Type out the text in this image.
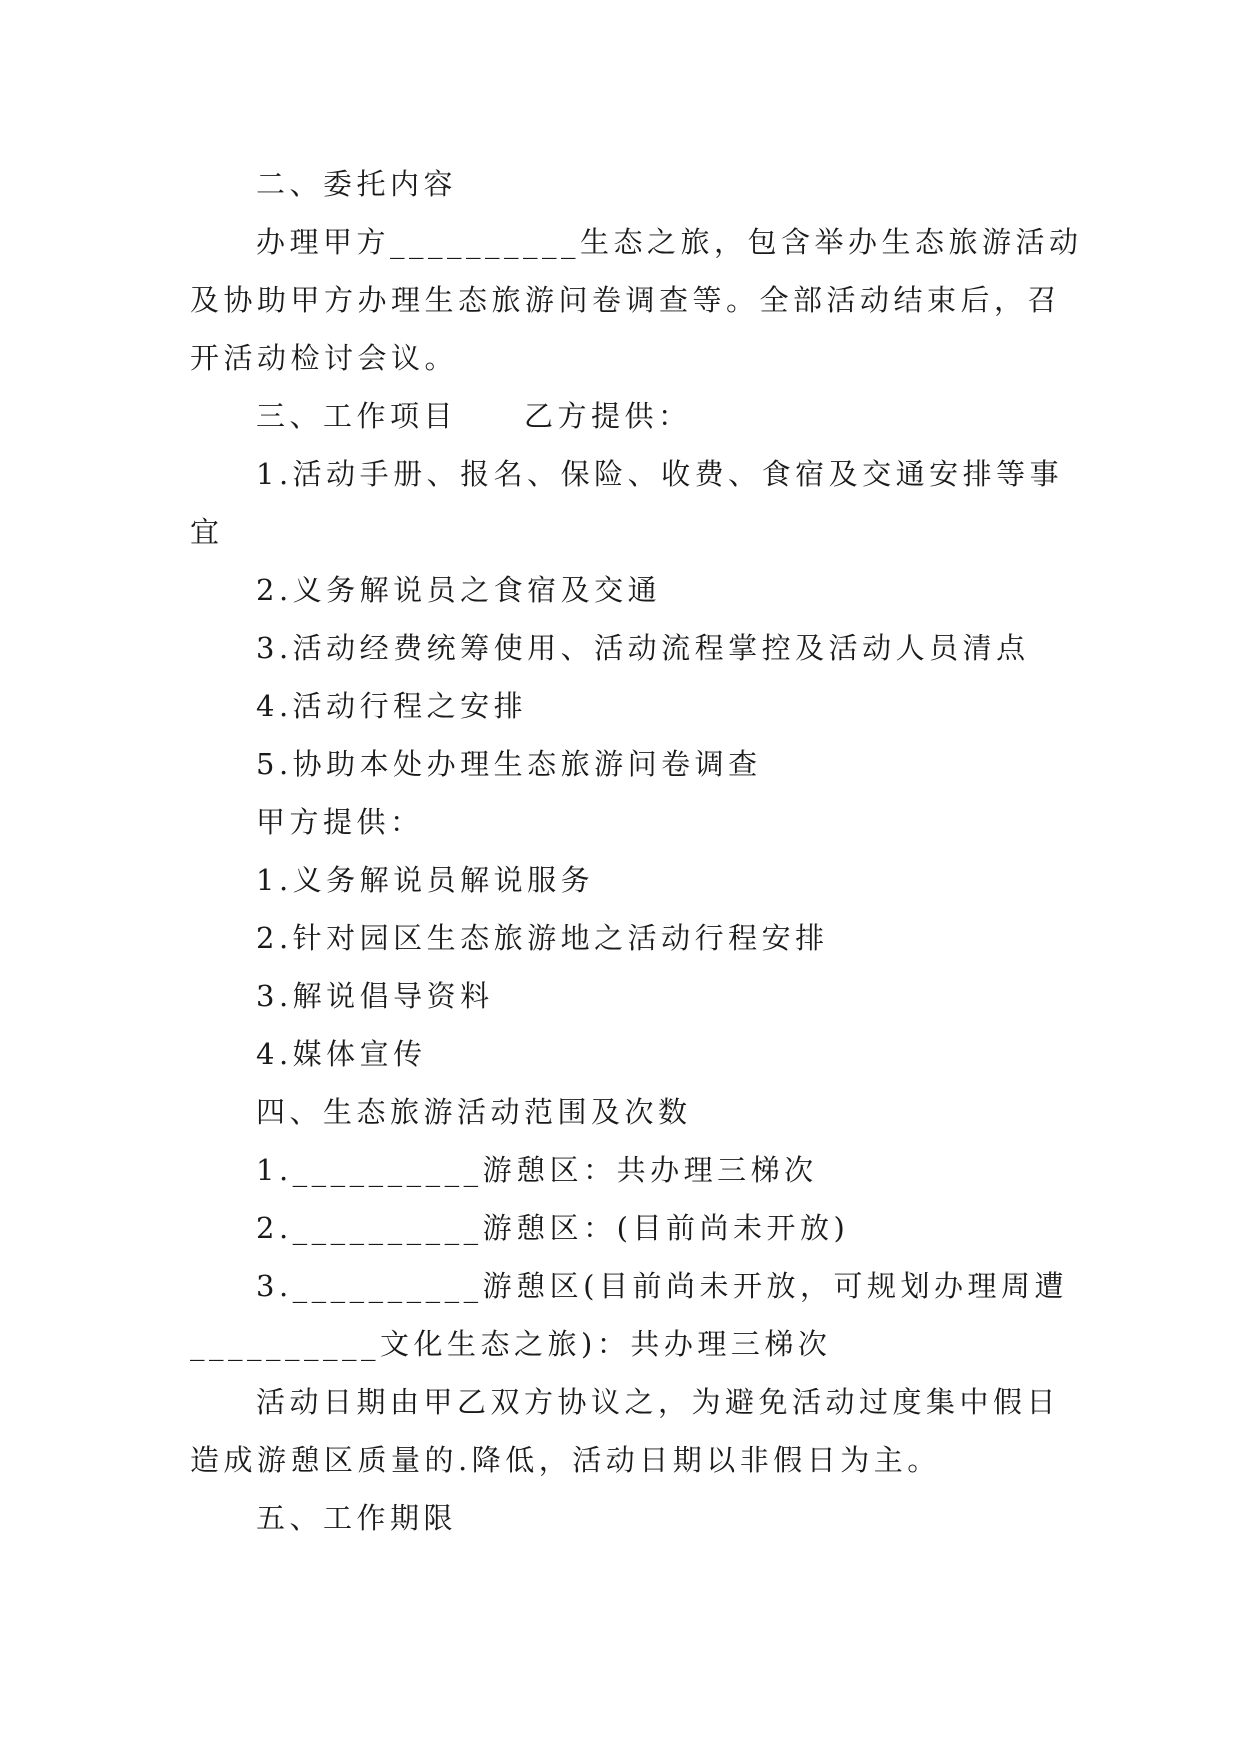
二、委托内容

办理甲方__________生态之旅，包含举办生态旅游活动

及协助甲方办理生态旅游问卷调查等。全部活动结束后，召

开活动检讨会议。

三、工作项目　　乙方提供：

1.活动手册、报名、保险、收费、食宿及交通安排等事

宜

2.义务解说员之食宿及交通

3.活动经费统筹使用、活动流程掌控及活动人员清点

4.活动行程之安排

5.协助本处办理生态旅游问卷调查

甲方提供：

1.义务解说员解说服务

2.针对园区生态旅游地之活动行程安排

3.解说倡导资料

4.媒体宣传

四、生态旅游活动范围及次数

1.__________游憩区：共办理三梯次

2.__________游憩区：(目前尚未开放)

3.__________游憩区(目前尚未开放，可规划办理周遭

__________文化生态之旅)：共办理三梯次

活动日期由甲乙双方协议之，为避免活动过度集中假日

造成游憩区质量的.降低，活动日期以非假日为主。

五、工作期限
